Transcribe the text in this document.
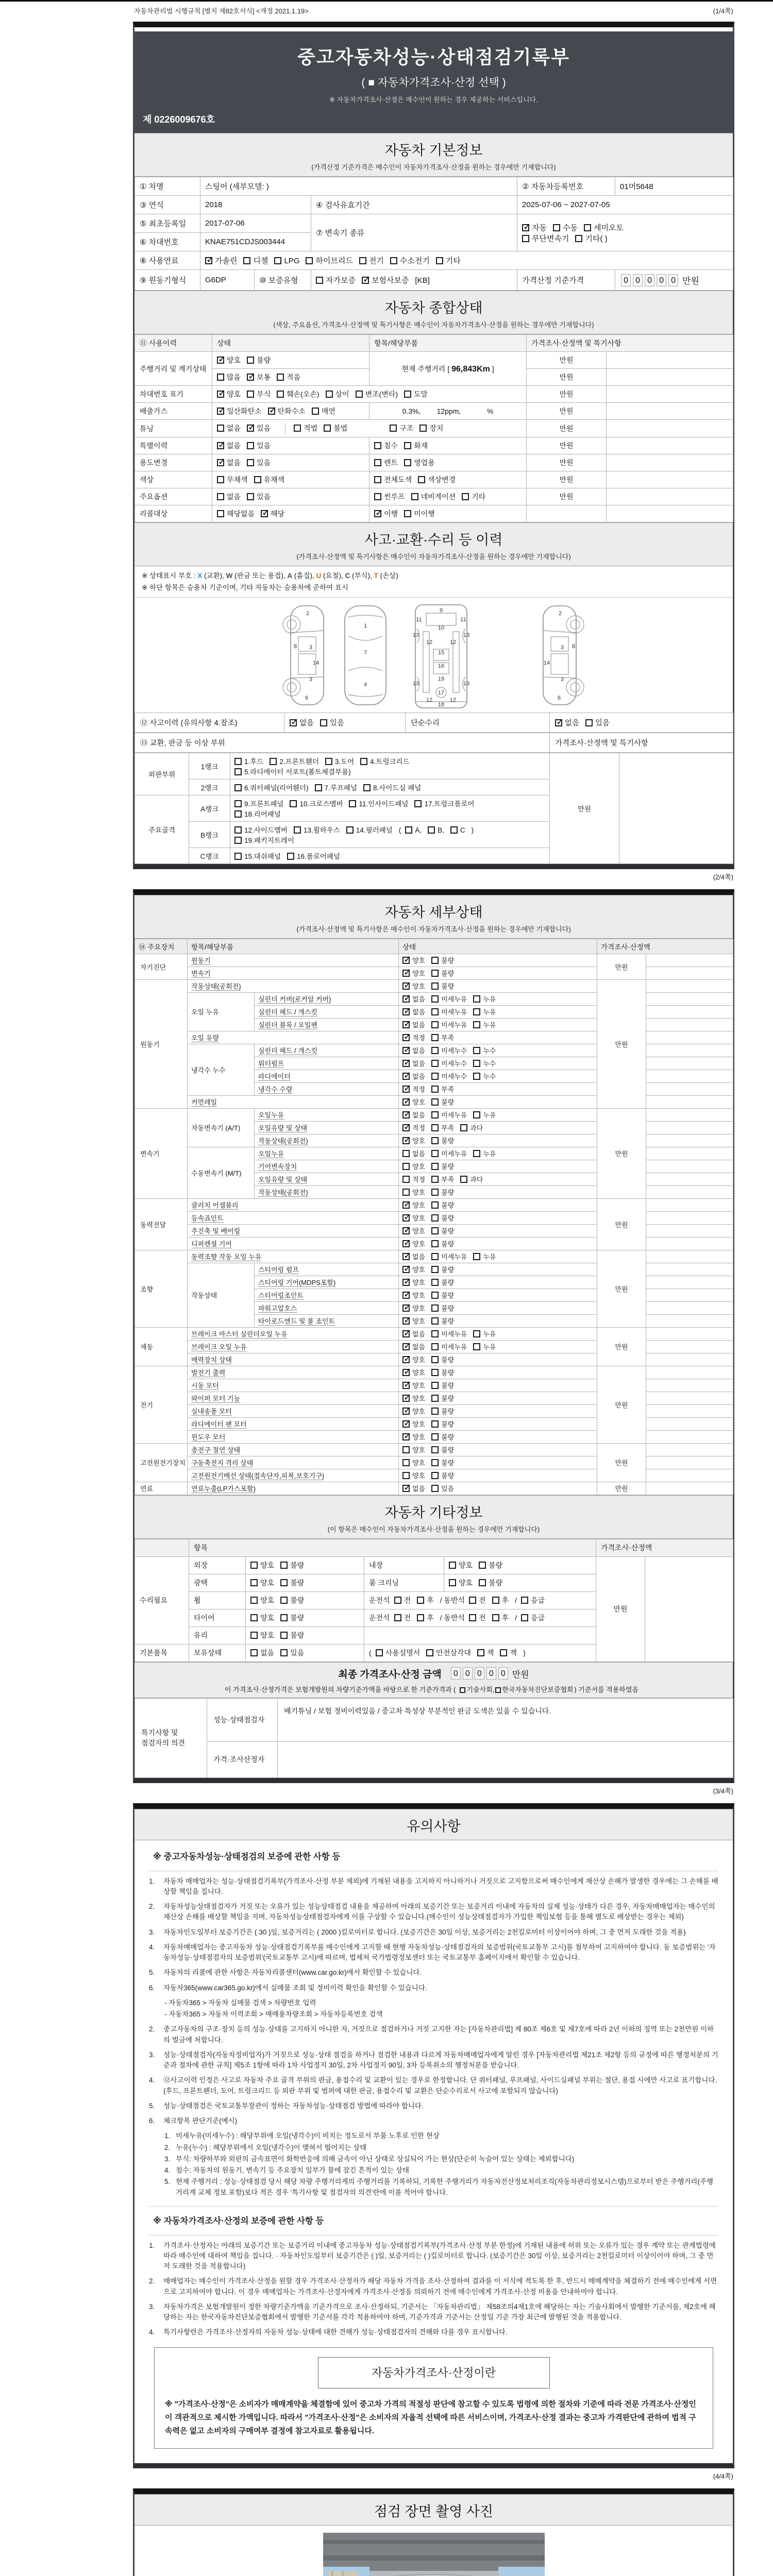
자동차관리법 시행규칙 [별지 제82호서식] <개정 2021.1.19>	(1/4쪽)
중고자동차성능·상태점검기록부
( ■ 자동차가격조사·산정 선택 )
※ 자동차가격조사·산정은 매수인이 원하는 경우 제공하는 서비스입니다.
제 0226009676호
자동차 기본정보
(가격산정 기준가격은 매수인이 자동차가격조사·산정을 원하는 경우에만 기재합니다)
① 차명	스팅어 (세부모델: )			② 자동차등록번호	01머5648
③ 연식	2018		④ 검사유효기간	2025-07-06 ~ 2027-07-05	
⑤ 최초등록일	2017-07-06		⑦ 변속기 종류	✓자동 수동 세미오토
무단변속기 기타( )
⑥ 차대번호	KNAE751CDJS003444				
⑧ 사용연료	✓가솔린 디젤 LPG 하이브리드 전기 수소전기 기타
⑨ 원동기형식	G6DP	⑩ 보증유형	자가보증 ✓ 보험사보증 [KB]	가격산정 기준가격	0 0 0 0 0 만원
자동차 종합상태
(색상, 주요옵션, 가격조사·산정액 및 특기사항은 매수인이 자동차가격조사·산정을 원하는 경우에만 기재합니다)
⑪ 사용이력	상태	항목/해당부품	가격조사·산정액 및 특기사항	
주행거리 및 계기상태	✓양호 불량	현재 주행거리 [ 96,843Km ]	만원	
	많음 ✓ 보통 적음		만원	
차대번호 표기	✓양호 부식 훼손(오손) 상이 변조(변타) 도말		만원	
배출가스	✓일산화탄소 ✓ 탄화수소 매연	0.3%,        12ppm,             %	만원	
튜닝	없음 ✓ 있음 적법 불법 구조 장치		만원	
특별이력	✓없음 있음	침수 화재	만원	
용도변경	✓없음 있음	렌트 영업용	만원	
색상	무채색 유채색	전체도색 색상변경	만원	
주요옵션	없음 있음	썬루프 네비게이션 기타	만원	
리콜대상	해당없음 ✓ 해당	✓이행 미이행		
사고·교환·수리 등 이력
(가격조사·산정액 및 특기사항은 매수인이 자동차가격조사·산정을 원하는 경우에만 기재합니다)
※ 상태표시 부호 : X (교환), W (판금 또는 용접), A (흠집), U (요철), C (부식), T (손상)
※ 하단 항목은 승용차 기준이며, 기타 자동차는 승용차에 준하여 표시
2
8 3
14
3
6
1
7
4
9
11	11
10
13	13
12	12
15
16
19
13	13
12	12
17
18
2
3 8
14
3
6
⑫ 사고이력 (유의사항 4.참조)	✓없음 있음	단순수리	✓없음 있음
⑬ 교환, 판금 등 이상 부위	가격조사·산정액 및 특기사항
외판부위	1랭크	1.후드 2.프론트휀더 3.도어 4.트렁크리드
5.라디에이터 서포트(볼트체결부품)	만원	
	2랭크	6.쿼터패널(리어휀더) 7.루프패널 8.사이드실 패널		
주요골격	A랭크	9.프론트패널 10.크로스멤버 11.인사이드패널 17.트렁크플로어
18.리어패널		
	B랭크	12.사이드멤버 13.휠하우스 14.필러패널 ( A, B, C )
19.패키지트레이		
	C랭크	15.대쉬패널 16.플로어패널		
(2/4쪽)
자동차 세부상태
(가격조사·산정액 및 특기사항은 매수인이 자동차가격조사·산정을 원하는 경우에만 기재합니다)
⑭ 주요장치	항목/해당부품		상태	가격조사·산정액	
자기진단	원동기	✓양호 불량	만원	
	변속기	✓양호 불량	
원동기	작동상태(공회전)	✓양호 불량	만원	
	오일 누유	실린더 커버(로커암 커버)	✓없음 미세누유 누유	
		실린더 헤드 / 개스킷	✓없음 미세누유 누유	
		실린더 블록 / 오일팬	✓없음 미세누유 누유	
	오일 유량	✓적정 부족	
	냉각수 누수	실린더 헤드 / 개스킷	✓없음 미세누수 누수	
		워터펌프	✓없음 미세누수 누수	
		라디에이터	✓없음 미세누수 누수	
		냉각수 수량	✓적정 부족	
	커먼레일	✓양호 불량	
변속기	자동변속기 (A/T)	오일누유	✓없음 미세누유 누유	만원	
		오일유량 및 상태	✓적정 부족 과다	
		작동상태(공회전)	✓양호 불량	
	수동변속기 (M/T)	오일누유	없음 미세누유 누유		
		기어변속장치	양호 불량		
		오일유량 및 상태	적정 부족 과다		
		작동상태(공회전)	양호 불량		
동력전달	클러치 어셈블리	✓양호 불량	만원	
	등속죠인트	✓양호 불량	
	추진축 및 베어링	✓양호 불량	
	디퍼렌셜 기어	✓양호 불량	
조향	동력조향 작동 오일 누유	✓없음 미세누유 누유	만원	
	작동상태	스티어링 펌프	✓양호 불량	
		스티어링 기어(MDPS포함)	✓양호 불량	
		스티어링조인트	✓양호 불량	
		파워고압호스	✓양호 불량	
		타이로드엔드 및 볼 조인트	✓양호 불량	
제동	브레이크 마스터 실린더오일 누유	✓없음 미세누유 누유	만원	
	브레이크 오일 누유	✓없음 미세누유 누유	
	배력장치 상태	✓양호 불량	
전기	발전기 출력	✓양호 불량	만원	
	시동 모터	✓양호 불량	
	와이퍼 모터 기능	✓양호 불량	
	실내송풍 모터	✓양호 불량	
	라디에이터 팬 모터	✓양호 불량	
	윈도우 모터	✓양호 불량	
고전원전기장치	충전구 절연 상태		양호 불량	만원	
	구동축전지 격리 상태		양호 불량		
	고전원전기배선 상태(접속단자,피복,보호기구)		양호 불량		
연료	연료누출(LP가스포함)	✓없음 있음	만원	
자동차 기타정보
(이 항목은 매수인이 자동차가격조사·산정을 원하는 경우에만 기재합니다)
	항목				가격조사·산정액	
수리필요	외장	양호 불량	내장	양호 불량	만원	
	광택	양호 불량	룸 크리닝	양호 불량		
	휠	양호 불량	운전석 전 후 / 동반석 전 후 / 응급			
	타이어	양호 불량	운전석 전 후 / 동반석 전 후 / 응급			
	유리	양호 불량				
기본품목	보유상태	없음 있음	( 사용설명서 안전삼각대 잭 잭 )			
최종 가격조사·산정 금액 0 0 0 0 0 만원
이 가격조사·산정가격은 보험개발원의 차량기준가액을 바탕으로 한 기준가격과 ( 기술사회, 한국자동차진단보증협회 ) 기준서를 적용하였음
특기사항 및 점검자의 의견	성능·상태점검자	배기튜닝 / 보험 정비이력있음 / 중고차 특성상 부분적인 판금 도색은 있을 수 있습니다.
	가격·조사산정자	
(3/4쪽)
유의사항
※ 중고자동차성능·상태점검의 보증에 관한 사항 등
1.	자동차 매매업자는 성능·상태점검기록부(가격조사·산정 부분 제외)에 기재된 내용을 고지하지 아니하거나 거짓으로 고지함으로써 매수인에게 재산상 손해가 발생한 경우에는 그 손해를 배상할 책임을 집니다.
2.	자동차성능상태점검자가 거짓 또는 오류가 있는 성능상태점검 내용을 제공하여 아래의 보증기간 또는 보증거리 이내에 자동차의 실제 성능·상태가 다른 경우, 자동차매매업자는 매수인의 재산상 손해를 배상할 책임을 지며, 자동차성능상태점검자에게 이를 구상할 수 있습니다.(매수인이 성능상태점검자가 가입한 책임보험 등을 통해 별도로 배상받는 경우는 제외)
3.	자동차인도일부터 보증기간은 ( 30 )일, 보증거리는 ( 2000 )킬로미터로 합니다. (보증기간은 30일 이상, 보증거리는 2천킬로미터 이상이어야 하며, 그 중 먼저 도래한 것을 적용)
4.	자동차매매업자는 중고자동차 성능·상태점검기록부를 매수인에게 고지할 때 현행 자동차성능·상태점검자의 보증범위(국토교통부 고시)를 첨부하여 고지하여야 합니다. 동 보증범위는 '자동차성능·상태점검자의 보증범위'(국토교통부 고시)에 따르며, 법제처 국가법령정보센터 또는 국토교통부 홈페이지에서 확인할 수 있습니다.
5.	자동차의 리콜에 관한 사항은 자동차리콜센터(www.car.go.kr)에서 확인할 수 있습니다.
6.	자동차365(www.car365.go.kr)에서 실매물 조회 및 정비이력 확인을 확인할 수 있습니다.
- 자동차365 > 자동차 실매물 검색 > 차량번호 입력
- 자동차365 > 자동차 이력조회 > 매매용차량조회 > 자동차등록번호 검색
2.	중고자동차의 구조·장치 등의 성능·상태를 고지하지 아니한 자, 거짓으로 점검하거나 거짓 고지한 자는 [자동차관리법] 제 80조 제6호 및 제7호에 따라 2년 이하의 징역 또는 2천만원 이하의 벌금에 처합니다.
3.	성능·상태점검자(자동차정비업자)가 거짓으로 성능·상태 점검을 하거나 점검한 내용과 다르게 자동차매매업자에게 알린 경우 [자동차관리법 제21조 제2항 등의 규정에 따른 행정처분의 기준과 절차에 관한 규칙] 제5조 1항에 따라 1차 사업정지 30일, 2차 사업정지 90일, 3차 등록취소의 행정처분을 받습니다.
4.	⑫사고이력 인정은 사고로 자동차 주요 골격 부위의 판금, 용접수리 및 교환이 있는 경우로 한정합니다. 단 쿼터패널, 루프패널, 사이드실패널 부위는 절단, 용접 시에만 사고로 표기합니다. (후드, 프론트펜더, 도어, 트렁크리드 등 외판 부위 및 범퍼에 대한 판금, 용접수리 및 교환은 단순수리로서 사고에 포함되지 않습니다)
5.	성능·상태점검은 국토교통부장관이 정하는 자동차성능·상태점검 방법에 따라야 합니다.
6.	체크항목 판단기준(예시)
1. 미세누유(미세누수) : 해당부위에 오일(냉각수)이 비치는 정도로서 부품 노후로 인한 현상
2. 누유(누수) : 해당부위에서 오일(냉각수)이 맺혀서 떨어지는 상태
3. 부식: 차량하부와 외판의 금속표면이 화학반응에 의해 금속이 아닌 상태로 상실되어 가는 현상(단순히 녹슬어 있는 상태는 제외합니다)
4. 침수: 자동차의 원동기, 변속기 등 주요장치 일부가 물에 잠긴 흔적이 있는 상태
5. 현재 주행거리 : 성능·상태점검 당시 해당 차량 주행거리계의 주행거리를 기록하되, 기록한 주행거리가 자동차전산정보처리조직(자동차관리정보시스템)으로부터 받은 주행거리(주행거리계 교체 정보 포함)보다 적은 경우 '특기사항 및 점검자의 의견'란에 이를 적어야 합니다.
※ 자동차가격조사·산정의 보증에 관한 사항 등
1.	가격조사·산정자는 아래의 보증기간 또는 보증거리 이내에 중고자동차 성능·상태점검기록부(가격조사·산정 부분 한정)에 기재된 내용에 허위 또는 오류가 있는 경우 계약 또는 관계법령에 따라 매수인에 대하여 책임을 집니다. · 자동차인도일부터 보증기간은 ( )일, 보증거리는 ( )킬로미터로 합니다. (보증기간은 30일 이상, 보증거리는 2천킬로미터 이상이어야 하며, 그 중 먼저 도래한 것을 적용합니다)
2.	매매업자는 매수인이 가격조사·산정을 원할 경우 가격조사·산정자가 해당 자동차 가격을 조사·산정하여 결과를 이 서식에 적도록 한 후, 반드시 매매계약을 체결하기 전에 매수인에게 서면으로 고지하여야 합니다. 이 경우 매매업자는 가격조사·산정자에게 가격조사·산정을 의뢰하기 전에 매수인에게 가격조사·산정 비용을 안내하여야 합니다.
3.	자동차가격은 보험개발원이 정한 차량기준가액을 기준가격으로 조사·산정하되, 기준서는 「자동차관리법」 제58조의4제1호에 해당하는 자는 기술사회에서 발행한 기준서를, 제2호에 해당하는 자는 한국자동차진단보증협회에서 발행한 기준서를 각각 적용하여야 하며, 기준가격과 기준서는 산정일 기준 가장 최근에 발행된 것을 적용합니다.
4.	특기사항란은 가격조사·산정자의 자동차 성능·상태에 대한 견해가 성능·상태점검자의 견해와 다를 경우 표시합니다.
자동차가격조사·산정이란
※ "가격조사·산정"은 소비자가 매매계약을 체결함에 있어 중고차 가격의 적절성 판단에 참고할 수 있도록 법령에 의한 절차와 기준에 따라 전문 가격조사·산정인이 객관적으로 제시한 가액입니다. 따라서 "가격조사·산정"은 소비자의 자율적 선택에 따른 서비스이며, 가격조사·산정 결과는 중고차 가격판단에 관하여 법적 구속력은 없고 소비자의 구매여부 결정에 참고자료로 활용됩니다.
(4/4쪽)
점검 장면 촬영 사진
